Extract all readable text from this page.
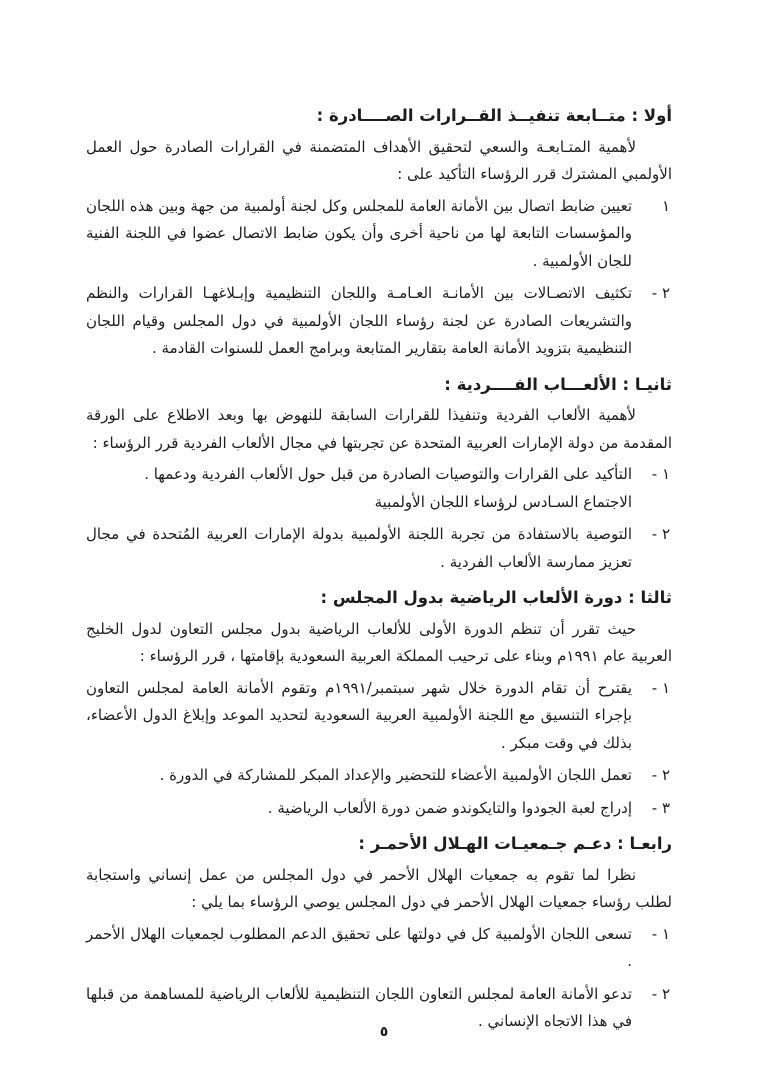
أولا : متــابعة تنفيــذ القــرارات الصــــادرة :
لأهمية المتـابعـة والسعي لتحقيق الأهداف المتضمنة في القرارات الصادرة حول العمل الأولمبي المشترك قرر الرؤساء التأكيد على :
١
تعيين ضابط اتصال بين الأمانة العامة للمجلس وكل لجنة أولمبية من جهة وبين هذه اللجان والمؤسسات التابعة لها من ناحية أخرى وأن يكون ضابط الاتصال عضوا في اللجنة الفنية للجان الأولمبية .
٢ -
تكثيف الاتصـالات بين الأمانـة العـامـة واللجان التنظيمية وإبـلاغهـا القرارات والنظم والتشريعات الصادرة عن لجنة رؤساء اللجان الأولمبية في دول المجلس وقيام اللجان التنظيمية بتزويد الأمانة العامة بتقارير المتابعة وبرامج العمل للسنوات القادمة .
ثانيـا : الألعـــاب الفــــردية :
لأهمية الألعاب الفردية وتنفيذا للقرارات السابقة للنهوض بها وبعد الاطلاع على الورقة المقدمة من دولة الإمارات العربية المتحدة عن تجربتها في مجال الألعاب الفردية قرر الرؤساء :
١ -
التأكيد على القرارات والتوصيات الصادرة من قبل حول الألعاب الفردية ودعمها .
الاجتماع السـادس لرؤساء اللجان الأولمبية
٢ -
التوصية بالاستفادة من تجربة اللجنة الأولمبية بدولة الإمارات العربية المُتحدة في مجال تعزيز ممارسة الألعاب الفردية .
ثالثا : دورة الألعاب الرياضية بدول المجلس :
حيث تقرر أن تنظم الدورة الأولى للألعاب الرياضية بدول مجلس التعاون لدول الخليج العربية عام ١٩٩١م وبناء على ترحيب المملكة العربية السعودية بإقامتها ، قرر الرؤساء :
١ -
يقترح أن تقام الدورة خلال شهر سبتمبر/١٩٩١م وتقوم الأمانة العامة لمجلس التعاون بإجراء التنسيق مع اللجنة الأولمبية العربية السعودية لتحديد الموعد وإبلاغ الدول الأعضاء، بذلك في وقت مبكر .
٢ -
تعمل اللجان الأولمبية الأعضاء للتحضير والإعداد المبكر للمشاركة في الدورة .
٣ -
إدراج لعبة الجودوا والتايكوندو ضمن دورة الألعاب الرياضية .
رابعـا : دعـم جـمعيـات الهـلال الأحمـر :
نظرا لما تقوم به جمعيات الهلال الأحمر في دول المجلس من عمل إنساني واستجابة لطلب رؤساء جمعيات الهلال الأحمر في دول المجلس يوصي الرؤساء بما يلي :
١ -
تسعى اللجان الأولمبية كل في دولتها على تحقيق الدعم المطلوب لجمعيات الهلال الأحمر .
٢ -
تدعو الأمانة العامة لمجلس التعاون اللجان التنظيمية للألعاب الرياضية للمساهمة من قبلها في هذا الاتجاه الإنساني .
٥
